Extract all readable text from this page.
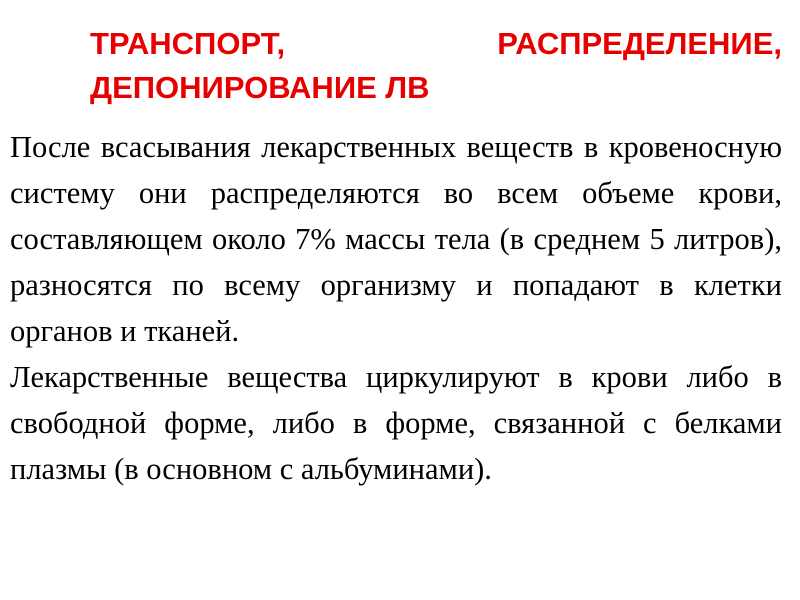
ТРАНСПОРТ,	РАСПРЕДЕЛЕНИЕ,
ДЕПОНИРОВАНИЕ ЛВ

После всасывания лекарственных веществ в кровеносную систему они распределяются во всем объеме крови, составляющем около 7% массы тела (в среднем 5 литров), разносятся по всему организму и попадают в клетки органов и тканей.

Лекарственные вещества циркулируют в крови либо в свободной форме, либо в форме, связанной с белками плазмы (в основном с альбуминами).
